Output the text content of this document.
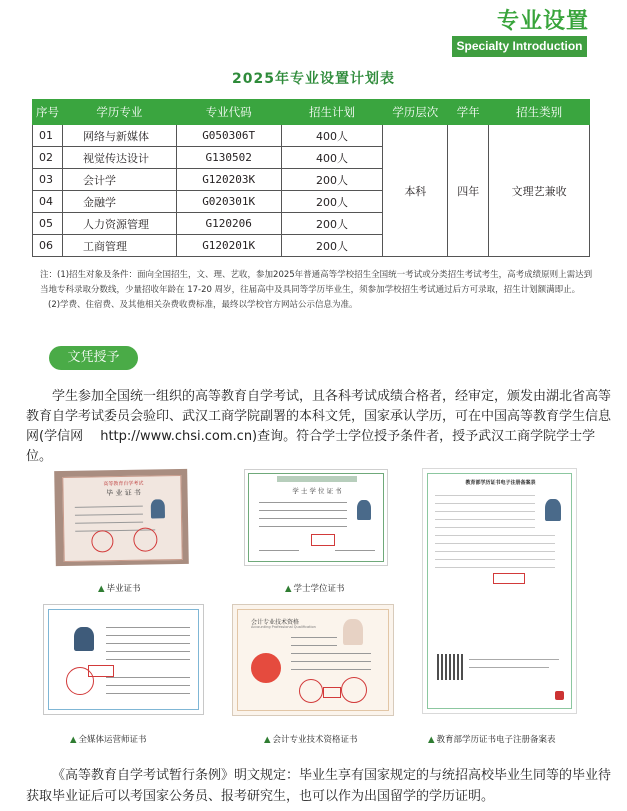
专业设置
Specialty Introduction
2025年专业设置计划表
序号	学历专业	专业代码	招生计划	学历层次	学年	招生类别
01	网络与新媒体	G050306T	400人	本科	四年	文理艺兼收
02	视觉传达设计	G130502	400人			
03	会计学	G120203K	200人			
04	金融学	G020301K	200人			
05	人力资源管理	G120206	200人			
06	工商管理	G120201K	200人			

注：(1)招生对象及条件：面向全国招生，文、理、艺收，参加2025年普通高等学校招生全国统一考试或分类招生考试考生，高考成绩原则上需达到当地专科录取分数线，少量招收年龄在 17-20 周岁，往届高中及具同等学历毕业生，须参加学校招生考试通过后方可录取，招生计划额满即止。

(2)学费、住宿费、及其他相关杂费收费标准，最终以学校官方网站公示信息为准。

文凭授予

学生参加全国统一组织的高等教育自学考试，且各科考试成绩合格者，经审定，颁发由湖北省高等教育自学考试委员会验印、武汉工商学院副署的本科文凭，国家承认学历，可在中国高等教育学生信息网(学信网　 http://www.chsi.com.cn)查询。符合学士学位授予条件者，授予武汉工商学院学士学位。

高等教育自学考试
毕 业 证 书
▲ 毕业证书
学 士 学 位 证 书
▲ 学士学位证书
教育部学历证书电子注册备案表
▲ 教育部学历证书电子注册备案表
▲ 全媒体运营师证书
会计专业技术资格
Accounting Professional Qualification
▲ 会计专业技术资格证书

《高等教育自学考试暂行条例》明文规定：毕业生享有国家规定的与统招高校毕业生同等的毕业待获取毕业证后可以考国家公务员、报考研究生，也可以作为出国留学的学历证明。
